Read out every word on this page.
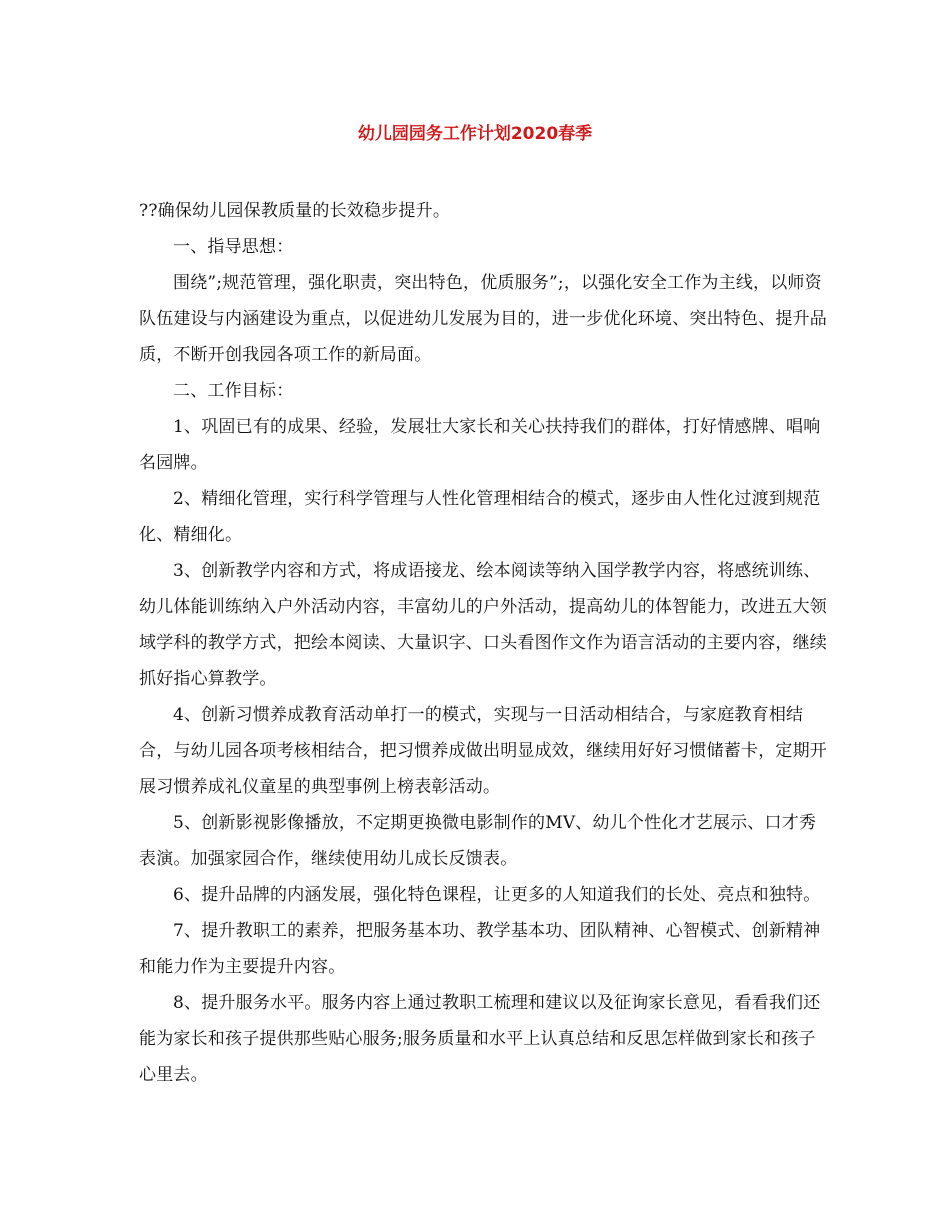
幼儿园园务工作计划2020春季

??确保幼儿园保教质量的长效稳步提升。

一、指导思想：

围绕”;规范管理，强化职责，突出特色，优质服务”;，以强化安全工作为主线，以师资队伍建设与内涵建设为重点，以促进幼儿发展为目的，进一步优化环境、突出特色、提升品质，不断开创我园各项工作的新局面。

二、工作目标：

1、巩固已有的成果、经验，发展壮大家长和关心扶持我们的群体，打好情感牌、唱响名园牌。

2、精细化管理，实行科学管理与人性化管理相结合的模式，逐步由人性化过渡到规范化、精细化。

3、创新教学内容和方式，将成语接龙、绘本阅读等纳入国学教学内容，将感统训练、幼儿体能训练纳入户外活动内容，丰富幼儿的户外活动，提高幼儿的体智能力，改进五大领域学科的教学方式，把绘本阅读、大量识字、口头看图作文作为语言活动的主要内容，继续抓好指心算教学。

4、创新习惯养成教育活动单打一的模式，实现与一日活动相结合，与家庭教育相结合，与幼儿园各项考核相结合，把习惯养成做出明显成效，继续用好好习惯储蓄卡，定期开展习惯养成礼仪童星的典型事例上榜表彰活动。

5、创新影视影像播放，不定期更换微电影制作的MV、幼儿个性化才艺展示、口才秀表演。加强家园合作，继续使用幼儿成长反馈表。

6、提升品牌的内涵发展，强化特色课程，让更多的人知道我们的长处、亮点和独特。

7、提升教职工的素养，把服务基本功、教学基本功、团队精神、心智模式、创新精神和能力作为主要提升内容。

8、提升服务水平。服务内容上通过教职工梳理和建议以及征询家长意见，看看我们还能为家长和孩子提供那些贴心服务;服务质量和水平上认真总结和反思怎样做到家长和孩子心里去。
